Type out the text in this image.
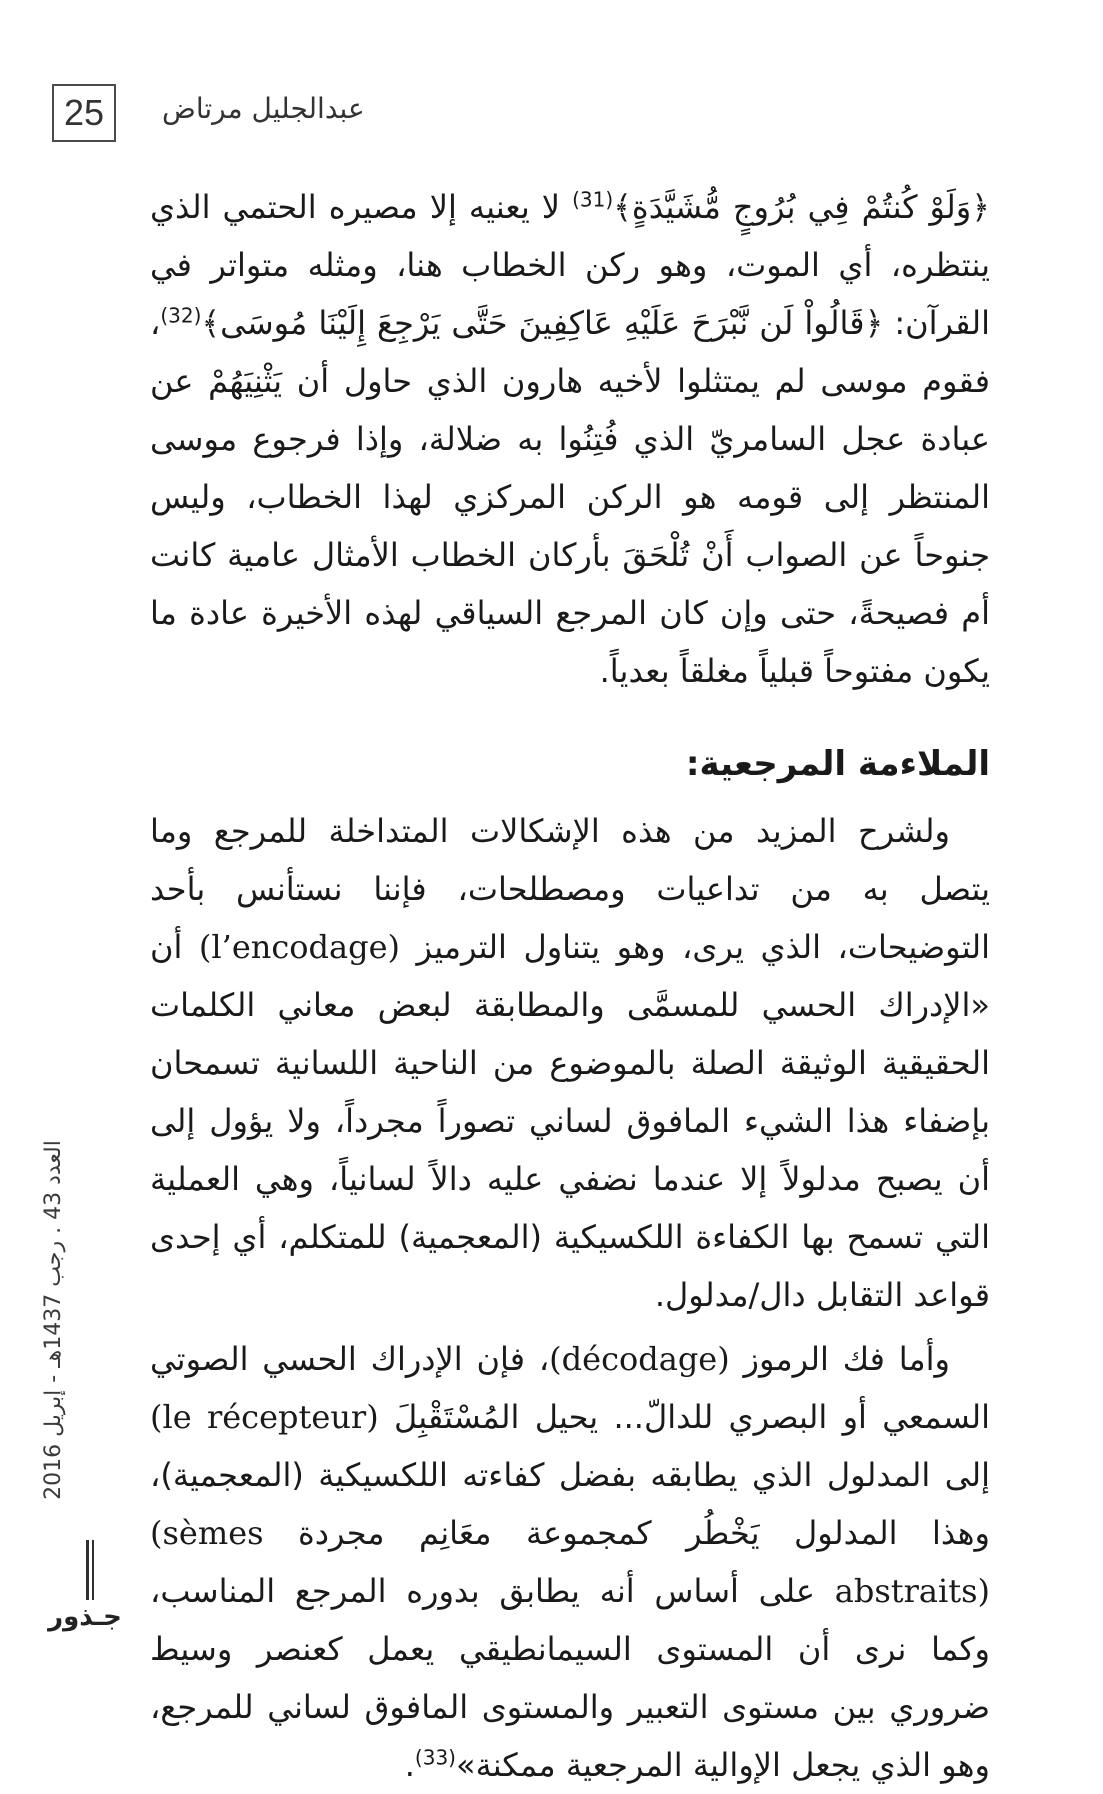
25 عبدالجليل مرتاض

﴿وَلَوْ كُنتُمْ فِي بُرُوجٍ مُّشَيَّدَةٍ﴾$^{(31)}$ لا يعنيه إلا مصيره الحتمي الذي ينتظره، أي الموت، وهو ركن الخطاب هنا، ومثله متواتر في القرآن: ﴿قَالُواْ لَن نَّبْرَحَ عَلَيْهِ عَاكِفِينَ حَتَّى يَرْجِعَ إِلَيْنَا مُوسَى﴾$^{(32)}$، فقوم موسى لم يمتثلوا لأخيه هارون الذي حاول أن يَثْنِيَهُمْ عن عبادة عجل السامريّ الذي فُتِنُوا به ضلالة، وإذا فرجوع موسى المنتظر إلى قومه هو الركن المركزي لهذا الخطاب، وليس جنوحاً عن الصواب أَنْ تُلْحَقَ بأركان الخطاب الأمثال عامية كانت أم فصيحةً، حتى وإن كان المرجع السياقي لهذه الأخيرة عادة ما يكون مفتوحاً قبلياً مغلقاً بعدياً.

الملاءمة المرجعية:

ولشرح المزيد من هذه الإشكالات المتداخلة للمرجع وما يتصل به من تداعيات ومصطلحات، فإننا نستأنس بأحد التوضيحات، الذي يرى، وهو يتناول الترميز (l’encodage) أن «الإدراك الحسي للمسمَّى والمطابقة لبعض معاني الكلمات الحقيقية الوثيقة الصلة بالموضوع من الناحية اللسانية تسمحان بإضفاء هذا الشيء المافوق لساني تصوراً مجرداً، ولا يؤول إلى أن يصبح مدلولاً إلا عندما نضفي عليه دالاً لسانياً، وهي العملية التي تسمح بها الكفاءة اللكسيكية (المعجمية) للمتكلم، أي إحدى قواعد التقابل دال/مدلول.

وأما فك الرموز (décodage)، فإن الإدراك الحسي الصوتي السمعي أو البصري للدالّ... يحيل المُسْتَقْبِلَ (le récepteur) إلى المدلول الذي يطابقه بفضل كفاءته اللكسيكية (المعجمية)، وهذا المدلول يَخْطُر كمجموعة معَانِم مجردة (sèmes abstraits) على أساس أنه يطابق بدوره المرجع المناسب، وكما نرى أن المستوى السيمانطيقي يعمل كعنصر وسيط ضروري بين مستوى التعبير والمستوى المافوق لساني للمرجع، وهو الذي يجعل الإوالية المرجعية ممكنة»$^{(33)}$.

العدد 43 . رجب 1437هـ - إبريل 2016
جـذور
